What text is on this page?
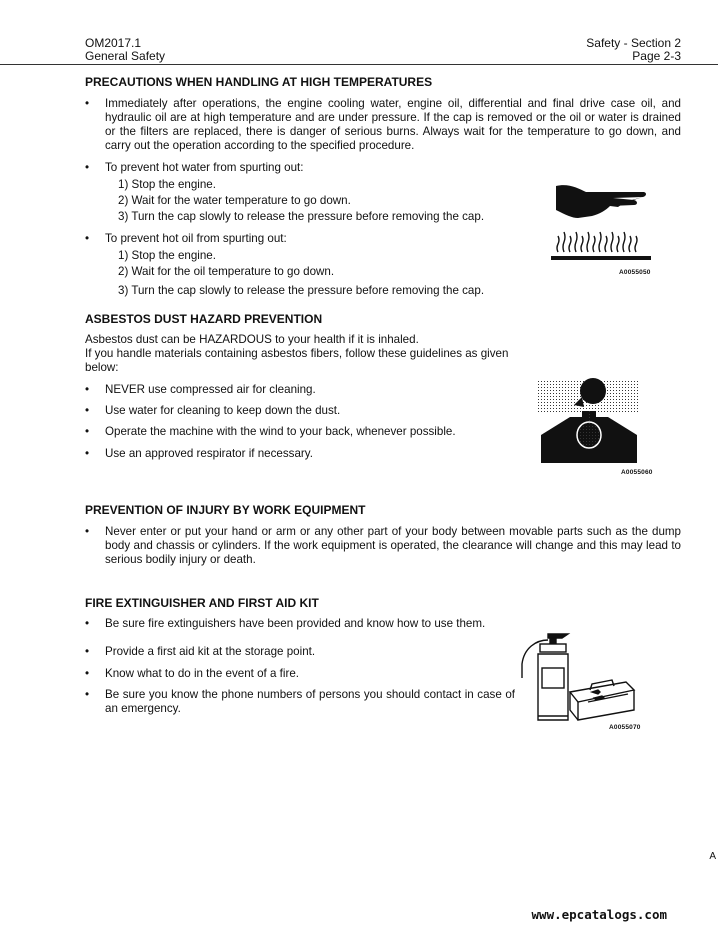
OM2017.1
General Safety
Safety - Section 2
Page 2-3
PRECAUTIONS WHEN HANDLING AT HIGH TEMPERATURES
• Immediately after operations, the engine cooling water, engine oil, differential and final drive case oil, and hydraulic oil are at high temperature and are under pressure. If the cap is removed or the oil or water is drained or the filters are replaced, there is danger of serious burns. Always wait for the temperature to go down, and carry out the operation according to the specified procedure.
• To prevent hot water from spurting out:
1) Stop the engine.
2) Wait for the water temperature to go down.
3) Turn the cap slowly to release the pressure before removing the cap.
• To prevent hot oil from spurting out:
1) Stop the engine.
2) Wait for the oil temperature to go down.
3) Turn the cap slowly to release the pressure before removing the cap.
A0055050
ASBESTOS DUST HAZARD PREVENTION
Asbestos dust can be HAZARDOUS to your health if it is inhaled.
If you handle materials containing asbestos fibers, follow these guidelines as given below:
• NEVER use compressed air for cleaning.
• Use water for cleaning to keep down the dust.
• Operate the machine with the wind to your back, whenever possible.
• Use an approved respirator if necessary.
A0055060
PREVENTION OF INJURY BY WORK EQUIPMENT
• Never enter or put your hand or arm or any other part of your body between movable parts such as the dump body and chassis or cylinders. If the work equipment is operated, the clearance will change and this may lead to serious bodily injury or death.
FIRE EXTINGUISHER AND FIRST AID KIT
• Be sure fire extinguishers have been provided and know how to use them.
• Provide a first aid kit at the storage point.
• Know what to do in the event of a fire.
• Be sure you know the phone numbers of persons you should contact in case of an emergency.
A0055070
A
www.epcatalogs.com
